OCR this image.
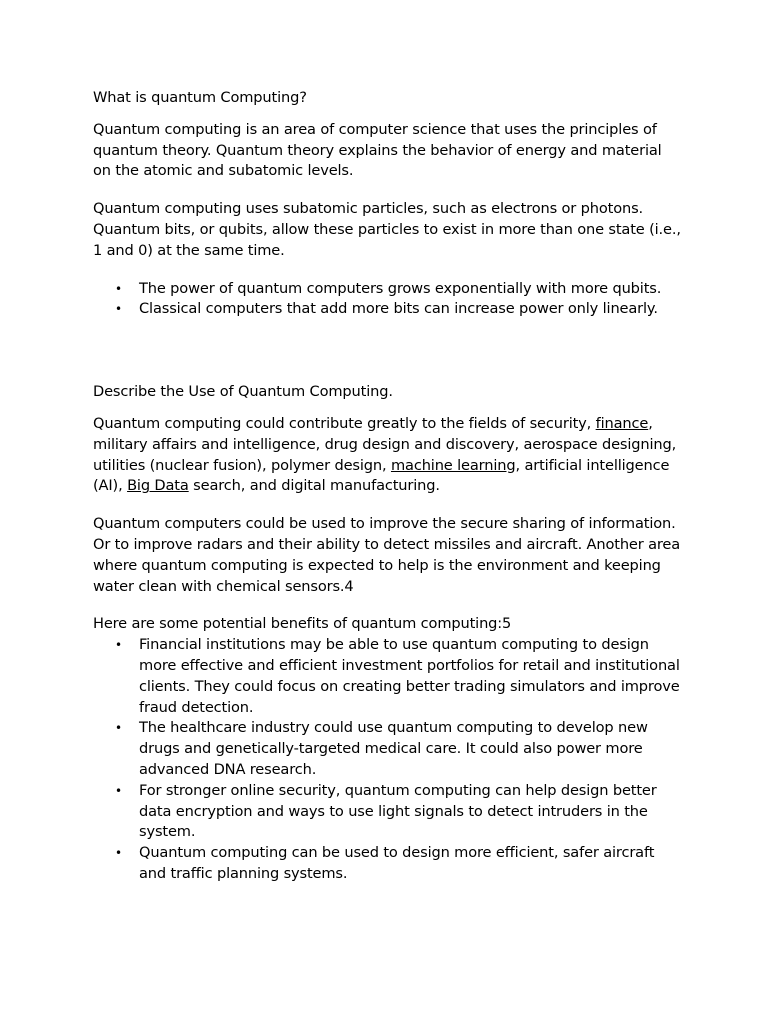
What is quantum Computing?

Quantum computing is an area of computer science that uses the principles of quantum theory. Quantum theory explains the behavior of energy and material on the atomic and subatomic levels.

Quantum computing uses subatomic particles, such as electrons or photons. Quantum bits, or qubits, allow these particles to exist in more than one state (i.e., 1 and 0) at the same time.

• The power of quantum computers grows exponentially with more qubits.
• Classical computers that add more bits can increase power only linearly.

Describe the Use of Quantum Computing.

Quantum computing could contribute greatly to the fields of security, finance, military affairs and intelligence, drug design and discovery, aerospace designing, utilities (nuclear fusion), polymer design, machine learning, artificial intelligence (AI), Big Data search, and digital manufacturing.

Quantum computers could be used to improve the secure sharing of information. Or to improve radars and their ability to detect missiles and aircraft. Another area where quantum computing is expected to help is the environment and keeping water clean with chemical sensors.4

Here are some potential benefits of quantum computing:5

• Financial institutions may be able to use quantum computing to design more effective and efficient investment portfolios for retail and institutional clients. They could focus on creating better trading simulators and improve fraud detection.
• The healthcare industry could use quantum computing to develop new drugs and genetically-targeted medical care. It could also power more advanced DNA research.
• For stronger online security, quantum computing can help design better data encryption and ways to use light signals to detect intruders in the system.
• Quantum computing can be used to design more efficient, safer aircraft and traffic planning systems.
